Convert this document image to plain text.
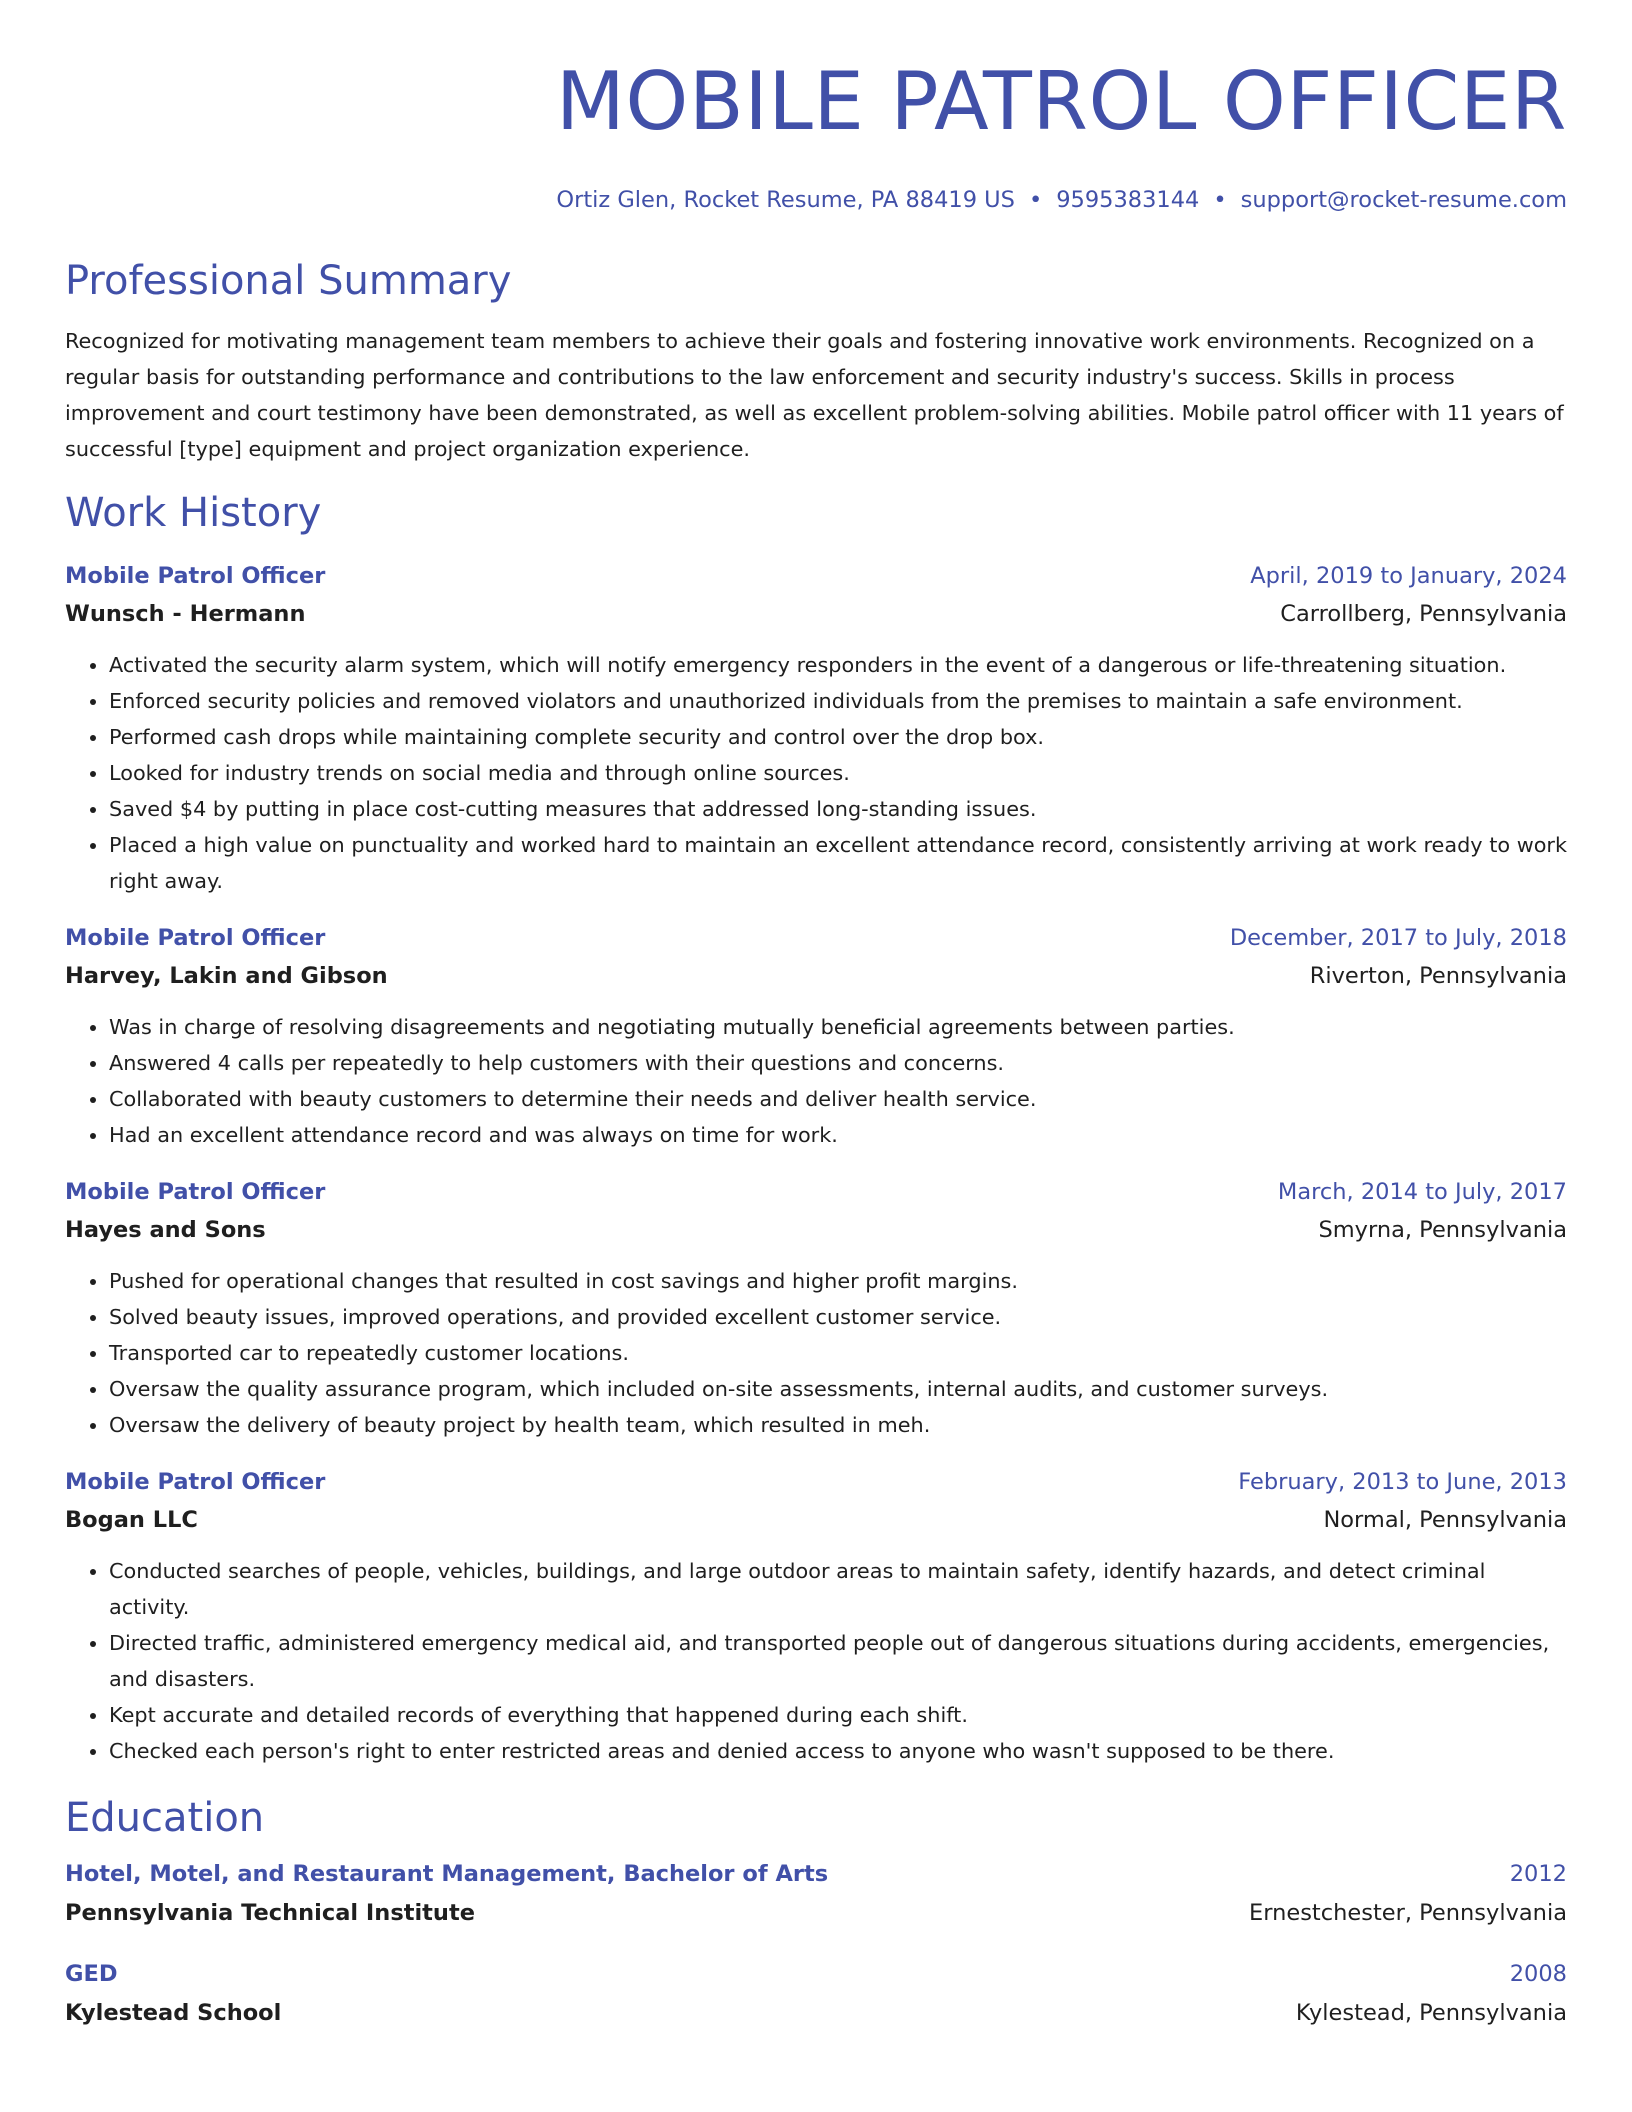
MOBILE PATROL OFFICER
Ortiz Glen, Rocket Resume, PA 88419 US • 9595383144 • support@rocket-resume.com
Professional Summary

Recognized for motivating management team members to achieve their goals and fostering innovative work environments. Recognized on a regular basis for outstanding performance and contributions to the law enforcement and security industry's success. Skills in process improvement and court testimony have been demonstrated, as well as excellent problem-solving abilities. Mobile patrol officer with 11 years of successful [type] equipment and project organization experience.

Work History
Mobile Patrol Officer	April, 2019 to January, 2024
Wunsch - Hermann	Carrollberg, Pennsylvania
• Activated the security alarm system, which will notify emergency responders in the event of a dangerous or life-threatening situation.
• Enforced security policies and removed violators and unauthorized individuals from the premises to maintain a safe environment.
• Performed cash drops while maintaining complete security and control over the drop box.
• Looked for industry trends on social media and through online sources.
• Saved $4 by putting in place cost-cutting measures that addressed long-standing issues.
• Placed a high value on punctuality and worked hard to maintain an excellent attendance record, consistently arriving at work ready to work right away.
Mobile Patrol Officer	December, 2017 to July, 2018
Harvey, Lakin and Gibson	Riverton, Pennsylvania
• Was in charge of resolving disagreements and negotiating mutually beneficial agreements between parties.
• Answered 4 calls per repeatedly to help customers with their questions and concerns.
• Collaborated with beauty customers to determine their needs and deliver health service.
• Had an excellent attendance record and was always on time for work.
Mobile Patrol Officer	March, 2014 to July, 2017
Hayes and Sons	Smyrna, Pennsylvania
• Pushed for operational changes that resulted in cost savings and higher profit margins.
• Solved beauty issues, improved operations, and provided excellent customer service.
• Transported car to repeatedly customer locations.
• Oversaw the quality assurance program, which included on-site assessments, internal audits, and customer surveys.
• Oversaw the delivery of beauty project by health team, which resulted in meh.
Mobile Patrol Officer	February, 2013 to June, 2013
Bogan LLC	Normal, Pennsylvania
• Conducted searches of people, vehicles, buildings, and large outdoor areas to maintain safety, identify hazards, and detect criminal activity.
• Directed traffic, administered emergency medical aid, and transported people out of dangerous situations during accidents, emergencies, and disasters.
• Kept accurate and detailed records of everything that happened during each shift.
• Checked each person's right to enter restricted areas and denied access to anyone who wasn't supposed to be there.
Education
Hotel, Motel, and Restaurant Management, Bachelor of Arts	2012
Pennsylvania Technical Institute	Ernestchester, Pennsylvania
GED	2008
Kylestead School	Kylestead, Pennsylvania
